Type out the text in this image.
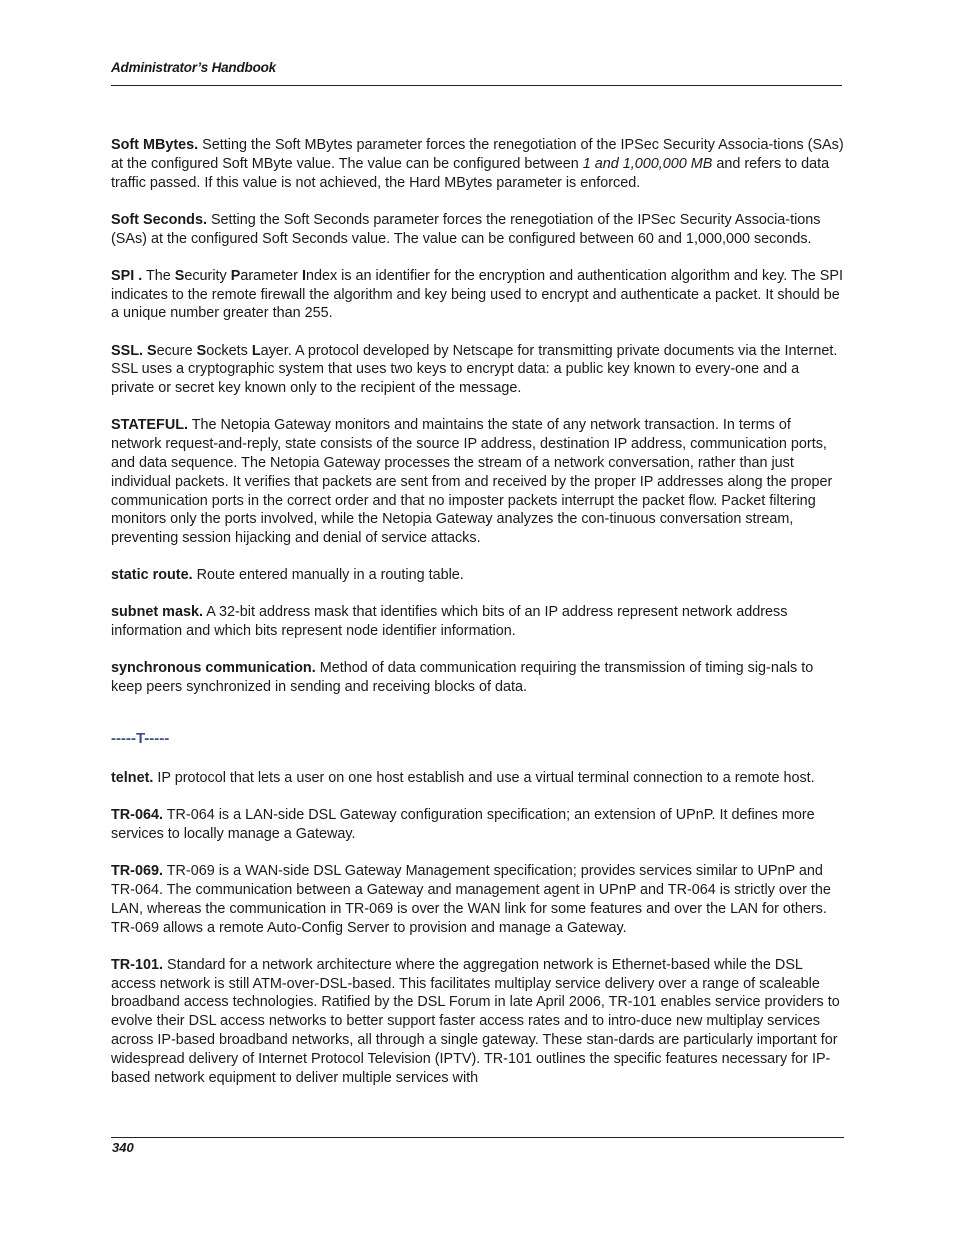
Administrator’s Handbook

Soft MBytes. Setting the Soft MBytes parameter forces the renegotiation of the IPSec Security Associa-tions (SAs) at the configured Soft MByte value. The value can be configured between 1 and 1,000,000 MB and refers to data traffic passed. If this value is not achieved, the Hard MBytes parameter is enforced.

Soft Seconds. Setting the Soft Seconds parameter forces the renegotiation of the IPSec Security Associa-tions (SAs) at the configured Soft Seconds value. The value can be configured between 60 and 1,000,000 seconds.

SPI . The Security Parameter Index is an identifier for the encryption and authentication algorithm and key. The SPI indicates to the remote firewall the algorithm and key being used to encrypt and authenticate a packet. It should be a unique number greater than 255.

SSL. Secure Sockets Layer. A protocol developed by Netscape for transmitting private documents via the Internet. SSL uses a cryptographic system that uses two keys to encrypt data: a public key known to every-one and a private or secret key known only to the recipient of the message.

STATEFUL. The Netopia Gateway monitors and maintains the state of any network transaction. In terms of network request-and-reply, state consists of the source IP address, destination IP address, communication ports, and data sequence. The Netopia Gateway processes the stream of a network conversation, rather than just individual packets. It verifies that packets are sent from and received by the proper IP addresses along the proper communication ports in the correct order and that no imposter packets interrupt the packet flow. Packet filtering monitors only the ports involved, while the Netopia Gateway analyzes the con-tinuous conversation stream, preventing session hijacking and denial of service attacks.

static route. Route entered manually in a routing table.

subnet mask. A 32-bit address mask that identifies which bits of an IP address represent network address information and which bits represent node identifier information.

synchronous communication. Method of data communication requiring the transmission of timing sig-nals to keep peers synchronized in sending and receiving blocks of data.

-----T-----

telnet. IP protocol that lets a user on one host establish and use a virtual terminal connection to a remote host.

TR-064. TR-064 is a LAN-side DSL Gateway configuration specification; an extension of UPnP. It defines more services to locally manage a Gateway.

TR-069. TR-069 is a WAN-side DSL Gateway Management specification; provides services similar to UPnP and TR-064. The communication between a Gateway and management agent in UPnP and TR-064 is strictly over the LAN, whereas the communication in TR-069 is over the WAN link for some features and over the LAN for others. TR-069 allows a remote Auto-Config Server to provision and manage a Gateway.

TR-101. Standard for a network architecture where the aggregation network is Ethernet-based while the DSL access network is still ATM-over-DSL-based. This facilitates multiplay service delivery over a range of scaleable broadband access technologies. Ratified by the DSL Forum in late April 2006, TR-101 enables service providers to evolve their DSL access networks to better support faster access rates and to intro-duce new multiplay services across IP-based broadband networks, all through a single gateway. These stan-dards are particularly important for widespread delivery of Internet Protocol Television (IPTV). TR-101 outlines the specific features necessary for IP-based network equipment to deliver multiple services with

340
